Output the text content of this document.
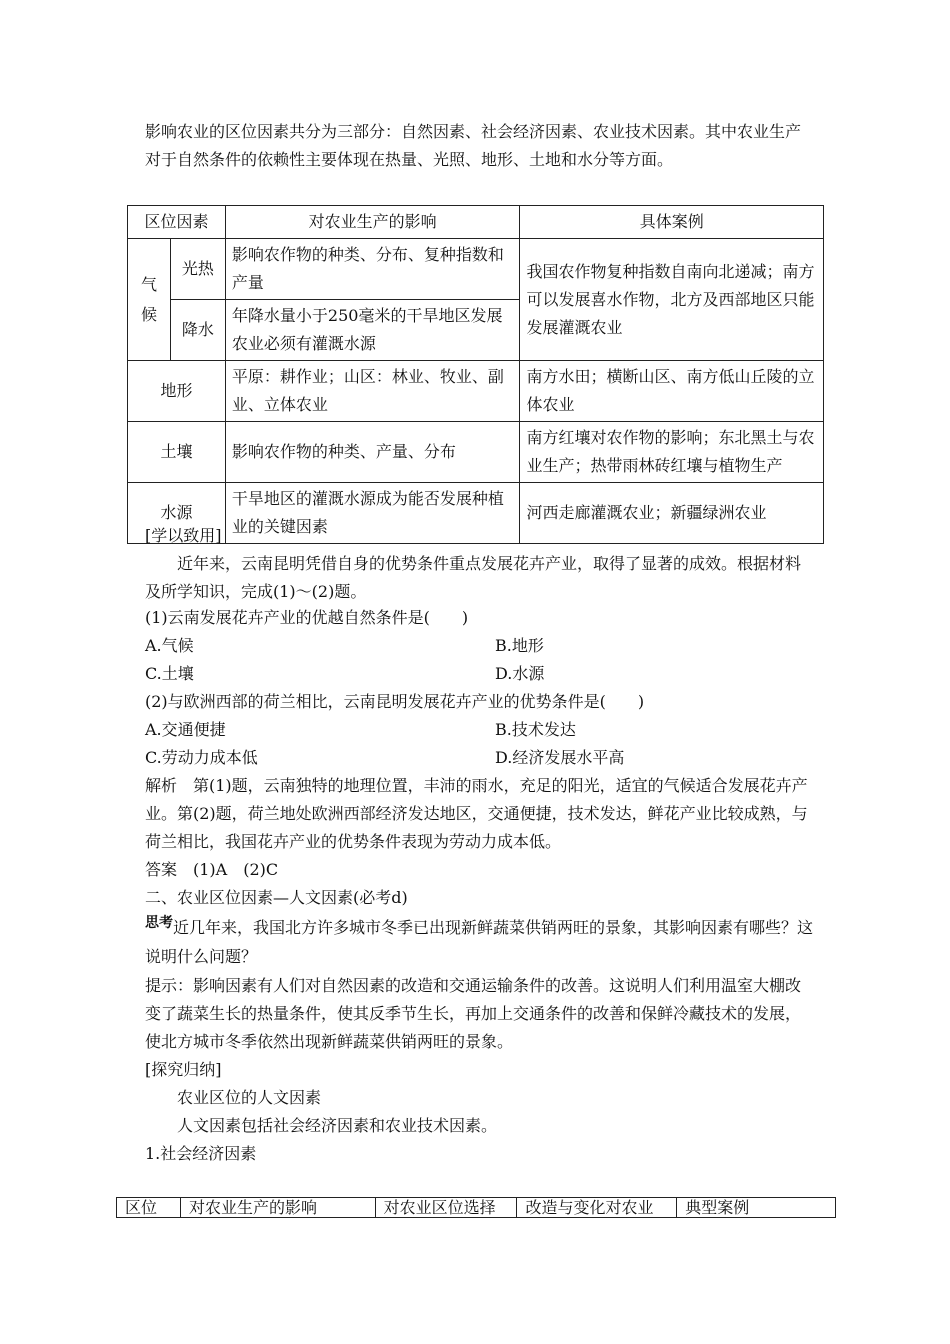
影响农业的区位因素共分为三部分：自然因素、社会经济因素、农业技术因素。其中农业生产对于自然条件的依赖性主要体现在热量、光照、地形、土地和水分等方面。

区位因素		对农业生产的影响	具体案例
气候	光热	影响农作物的种类、分布、复种指数和产量	我国农作物复种指数自南向北递减；南方可以发展喜水作物，北方及西部地区只能发展灌溉农业
	降水	年降水量小于250毫米的干旱地区发展农业必须有灌溉水源	
地形		平原：耕作业；山区：林业、牧业、副业、立体农业	南方水田；横断山区、南方低山丘陵的立体农业
土壤		影响农作物的种类、产量、分布	南方红壤对农作物的影响；东北黑土与农业生产；热带雨林砖红壤与植物生产
水源		干旱地区的灌溉水源成为能否发展种植业的关键因素	河西走廊灌溉农业；新疆绿洲农业

[学以致用]

近年来，云南昆明凭借自身的优势条件重点发展花卉产业，取得了显著的成效。根据材料及所学知识，完成(1)～(2)题。

(1)云南发展花卉产业的优越自然条件是(　　)

A.气候	B.地形
C.土壤	D.水源

(2)与欧洲西部的荷兰相比，云南昆明发展花卉产业的优势条件是(　　)

A.交通便捷	B.技术发达
C.劳动力成本低	D.经济发展水平高

解析　第(1)题，云南独特的地理位置，丰沛的雨水，充足的阳光，适宜的气候适合发展花卉产业。第(2)题，荷兰地处欧洲西部经济发达地区，交通便捷，技术发达，鲜花产业比较成熟，与荷兰相比，我国花卉产业的优势条件表现为劳动力成本低。

答案　(1)A　(2)C

二、农业区位因素—人文因素(必考d)

思考近几年来，我国北方许多城市冬季已出现新鲜蔬菜供销两旺的景象，其影响因素有哪些？这说明什么问题？

提示：影响因素有人们对自然因素的改造和交通运输条件的改善。这说明人们利用温室大棚改变了蔬菜生长的热量条件，使其反季节生长，再加上交通条件的改善和保鲜冷藏技术的发展，使北方城市冬季依然出现新鲜蔬菜供销两旺的景象。

[探究归纳]

农业区位的人文因素

人文因素包括社会经济因素和农业技术因素。

1.社会经济因素

区位	对农业生产的影响	对农业区位选择	改造与变化对农业	典型案例
